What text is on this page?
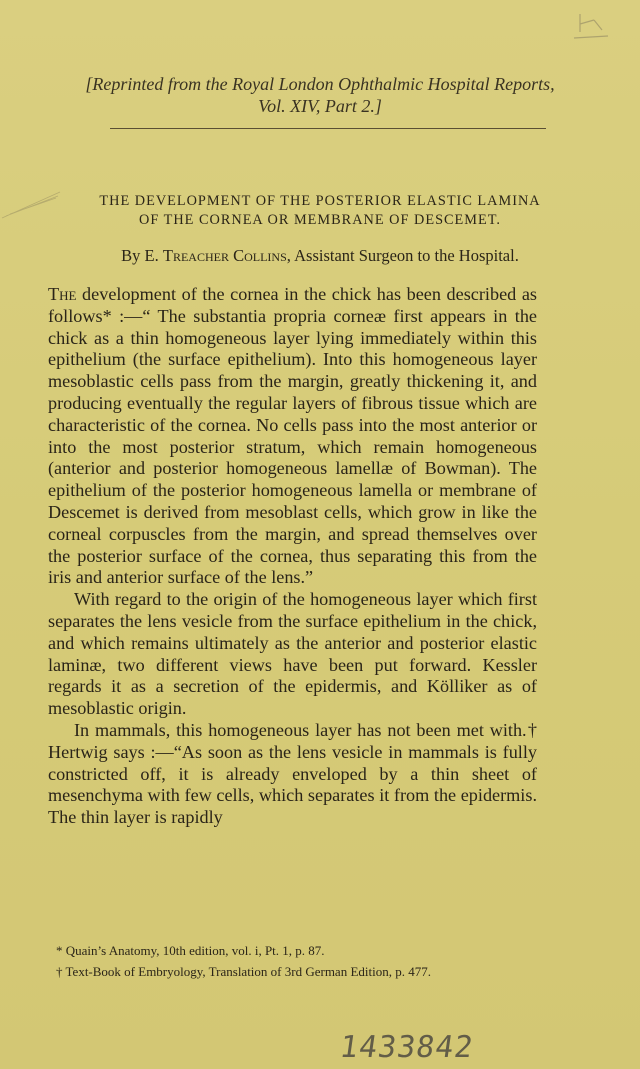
[Reprinted from the Royal London Ophthalmic Hospital Reports,
Vol. XIV, Part 2.]
THE DEVELOPMENT OF THE POSTERIOR ELASTIC LAMINA
OF THE CORNEA OR MEMBRANE OF DESCEMET.
By E. Treacher Collins, Assistant Surgeon to the Hospital.

The development of the cornea in the chick has been described as follows* :—“ The substantia propria corneæ first appears in the chick as a thin homogeneous layer lying immediately within this epithelium (the surface epithelium). Into this homogeneous layer mesoblastic cells pass from the margin, greatly thickening it, and producing eventually the regular layers of fibrous tissue which are characteristic of the cornea. No cells pass into the most anterior or into the most posterior stratum, which remain homogeneous (anterior and posterior homogeneous lamellæ of Bowman). The epithelium of the posterior homogeneous lamella or membrane of Descemet is derived from mesoblast cells, which grow in like the corneal corpuscles from the margin, and spread themselves over the posterior surface of the cornea, thus separating this from the iris and anterior surface of the lens.”

With regard to the origin of the homogeneous layer which first separates the lens vesicle from the surface epithelium in the chick, and which remains ultimately as the anterior and posterior elastic laminæ, two different views have been put forward. Kessler regards it as a secretion of the epidermis, and Kölliker as of mesoblastic origin.

In mammals, this homogeneous layer has not been met with.† Hertwig says :—“As soon as the lens vesicle in mammals is fully constricted off, it is already enveloped by a thin sheet of mesenchyma with few cells, which separates it from the epidermis. The thin layer is rapidly

* Quain’s Anatomy, 10th edition, vol. i, Pt. 1, p. 87.
† Text-Book of Embryology, Translation of 3rd German Edition, p. 477.
1433842
